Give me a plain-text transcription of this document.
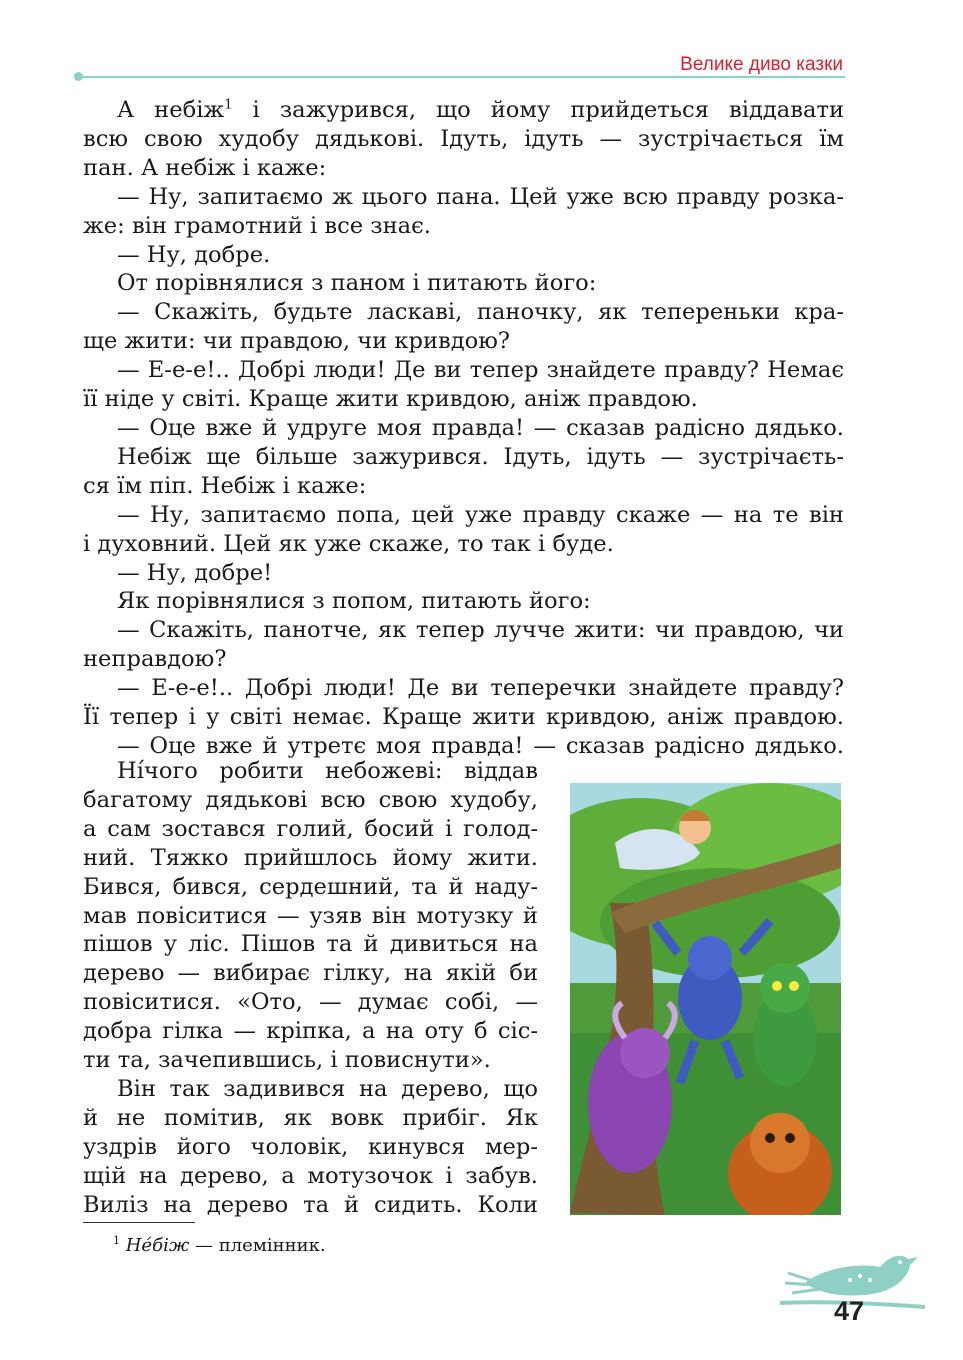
Велике диво казки

А небіж$^1$ і зажурився, що йому прийдеться віддавати

всю свою худобу дядькові. Ідуть, ідуть — зустрічається їм

пан. А небіж і каже:

— Ну, запитаємо ж цього пана. Цей уже всю правду розка-

же: він грамотний і все знає.

— Ну, добре.

От порівнялися з паном і питають його:

— Скажіть, будьте ласкаві, паночку, як тепереньки кра-

ще жити: чи правдою, чи кривдою?

— Е-е-е!.. Добрі люди! Де ви тепер знайдете правду? Немає

її ніде у світі. Краще жити кривдою, аніж правдою.

— Оце вже й удруге моя правда! — сказав радісно дядько.

Небіж ще більше зажурився. Ідуть, ідуть — зустрічаєть-

ся їм піп. Небіж і каже:

— Ну, запитаємо попа, цей уже правду скаже — на те він

і духовний. Цей як уже скаже, то так і буде.

— Ну, добре!

Як порівнялися з попом, питають його:

— Скажіть, панотче, як тепер лучче жити: чи правдою, чи

неправдою?

— Е-е-е!.. Добрі люди! Де ви теперечки знайдете правду?

Її тепер і у світі немає. Краще жити кривдою, аніж правдою.

— Оце вже й утретє моя правда! — сказав радісно дядько.

Ні́чого робити небожеві: віддав

багатому дядькові всю свою худобу,

а сам зостався голий, босий і голод-

ний. Тяжко прийшлось йому жити.

Бився, бився, сердешний, та й наду-

мав повіситися — узяв він мотузку й

пішов у ліс. Пішов та й дивиться на

дерево — вибирає гілку, на якій би

повіситися. «Ото, — думає собі, —

добра гілка — кріпка, а на оту б сіс-

ти та, зачепившись, і повиснути».

Він так задивився на дерево, що

й не помітив, як вовк прибіг. Як

уздрів його чоловік, кинувся мер-

щій на дерево, а мотузочок і забув.

Виліз на дерево та й сидить. Коли

$^1$ Не́біж — племінник.
47
